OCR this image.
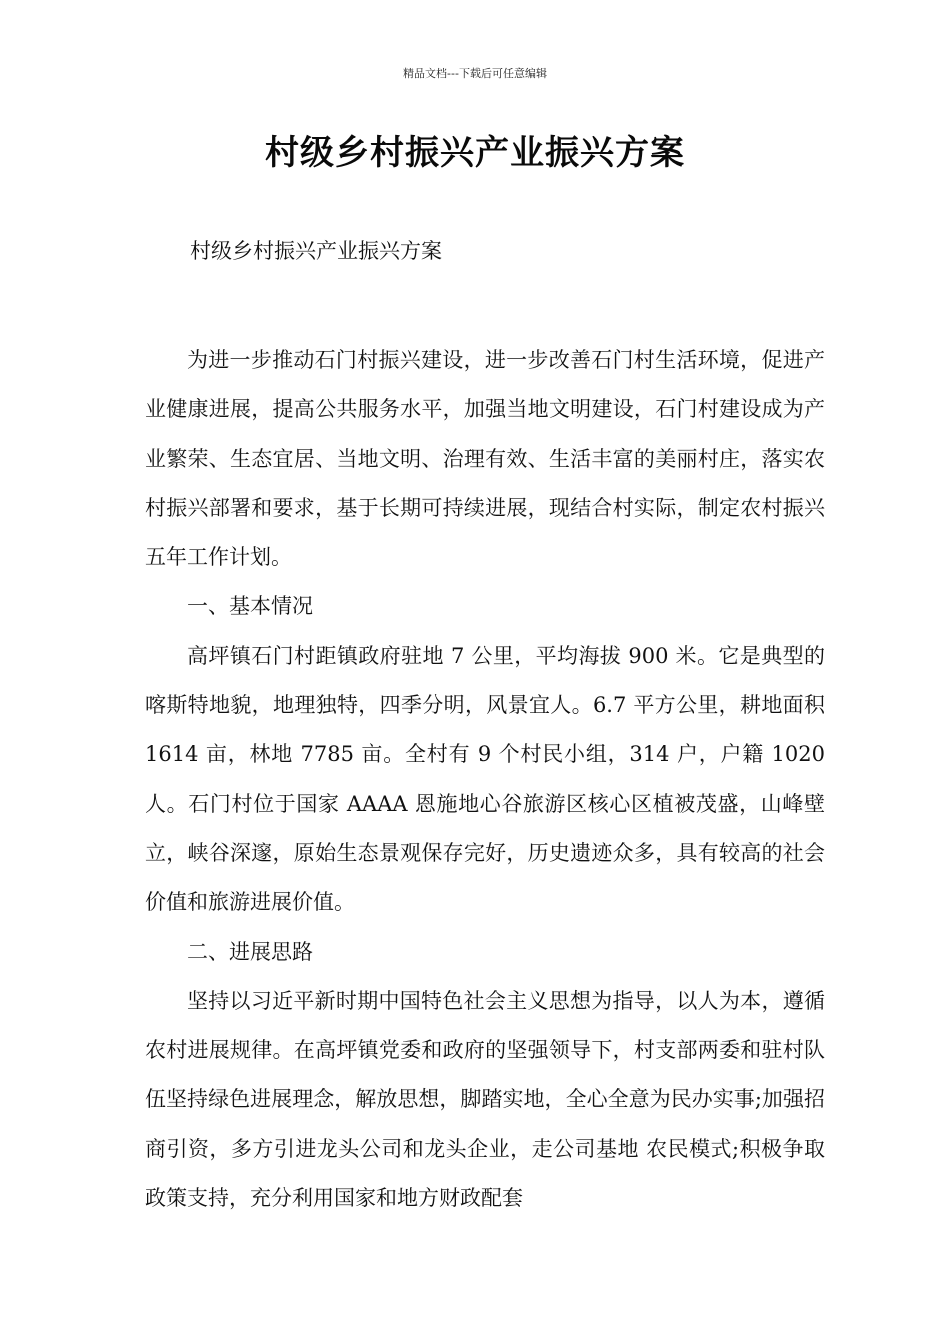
精品文档---下载后可任意编辑
村级乡村振兴产业振兴方案
村级乡村振兴产业振兴方案

为进一步推动石门村振兴建设，进一步改善石门村生活环境，促进产业健康进展，提高公共服务水平，加强当地文明建设，石门村建设成为产业繁荣、生态宜居、当地文明、治理有效、生活丰富的美丽村庄，落实农村振兴部署和要求，基于长期可持续进展，现结合村实际，制定农村振兴五年工作计划。

一、基本情况

高坪镇石门村距镇政府驻地 7 公里，平均海拔 900 米。它是典型的喀斯特地貌，地理独特，四季分明，风景宜人。6.7 平方公里，耕地面积 1614 亩，林地 7785 亩。全村有 9 个村民小组，314 户，户籍 1020 人。石门村位于国家 AAAA 恩施地心谷旅游区核心区植被茂盛，山峰壁立，峡谷深邃，原始生态景观保存完好，历史遗迹众多，具有较高的社会价值和旅游进展价值。

二、进展思路

坚持以习近平新时期中国特色社会主义思想为指导，以人为本，遵循农村进展规律。在高坪镇党委和政府的坚强领导下，村支部两委和驻村队伍坚持绿色进展理念，解放思想，脚踏实地，全心全意为民办实事;加强招商引资，多方引进龙头公司和龙头企业，走公司基地 农民模式;积极争取政策支持，充分利用国家和地方财政配套
